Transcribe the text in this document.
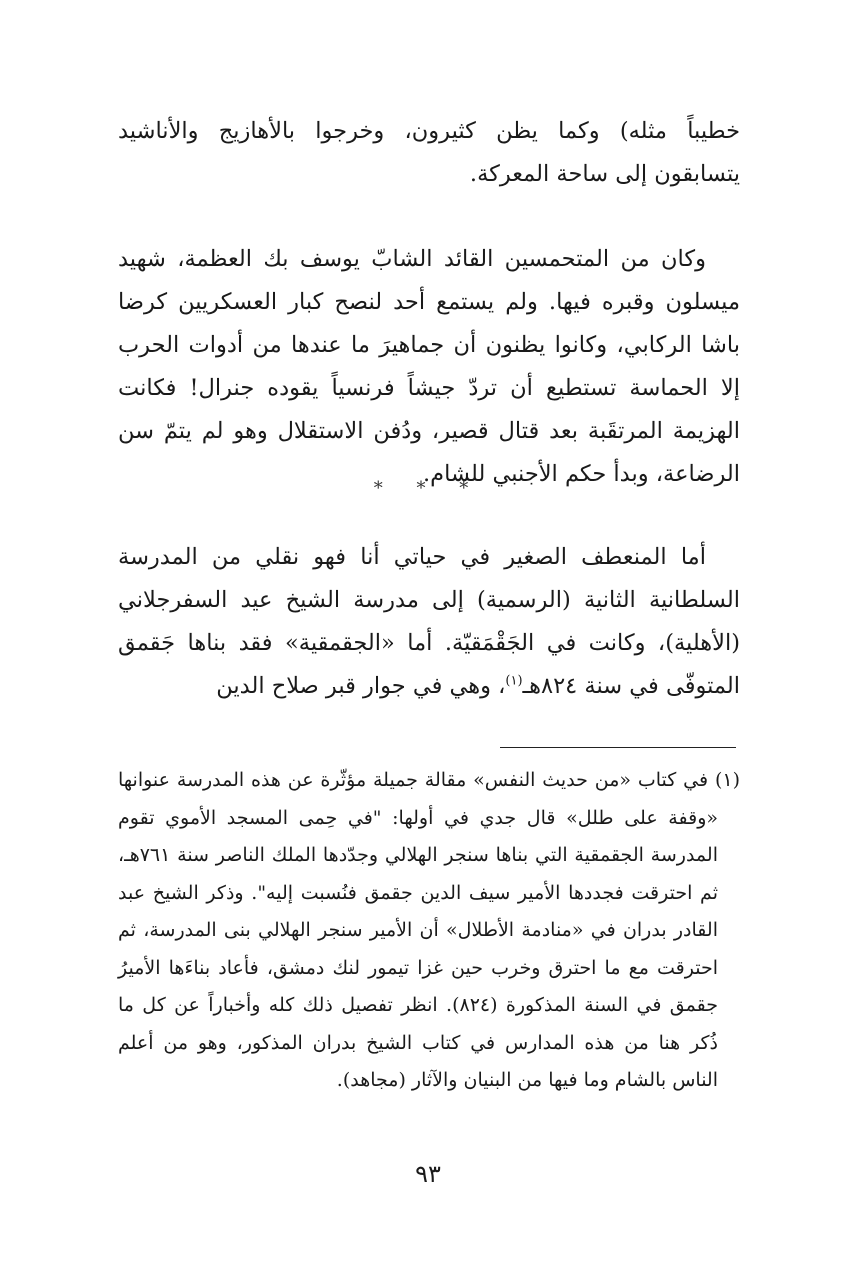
خطيباً مثله) وكما يظن كثيرون، وخرجوا بالأهازيج والأناشيد يتسابقون إلى ساحة المعركة.

وكان من المتحمسين القائد الشابّ يوسف بك العظمة، شهيد ميسلون وقبره فيها. ولم يستمع أحد لنصح كبار العسكريين كرضا باشا الركابي، وكانوا يظنون أن جماهيرَ ما عندها من أدوات الحرب إلا الحماسة تستطيع أن تردّ جيشاً فرنسياً يقوده جنرال! فكانت الهزيمة المرتقَبة بعد قتال قصير، ودُفن الاستقلال وهو لم يتمّ سن الرضاعة، وبدأ حكم الأجنبي للشام.

* * *

أما المنعطف الصغير في حياتي أنا فهو نقلي من المدرسة السلطانية الثانية (الرسمية) إلى مدرسة الشيخ عيد السفرجلاني (الأهلية)، وكانت في الجَقْمَقيّة. أما «الجقمقية» فقد بناها جَقمق المتوفّى في سنة ٨٢٤هـ$^{(١)}$، وهي في جوار قبر صلاح الدين

(١) في كتاب «من حديث النفس» مقالة جميلة مؤثّرة عن هذه المدرسة عنوانها «وقفة على طلل» قال جدي في أولها: "في حِمى المسجد الأموي تقوم المدرسة الجقمقية التي بناها سنجر الهلالي وجدّدها الملك الناصر سنة ٧٦١هـ، ثم احترقت فجددها الأمير سيف الدين جقمق فنُسبت إليه". وذكر الشيخ عبد القادر بدران في «منادمة الأطلال» أن الأمير سنجر الهلالي بنى المدرسة، ثم احترقت مع ما احترق وخرب حين غزا تيمور لنك دمشق، فأعاد بناءَها الأميرُ جقمق في السنة المذكورة (٨٢٤). انظر تفصيل ذلك كله وأخباراً عن كل ما ذُكر هنا من هذه المدارس في كتاب الشيخ بدران المذكور، وهو من أعلم الناس بالشام وما فيها من البنيان والآثار (مجاهد).

٩٣
